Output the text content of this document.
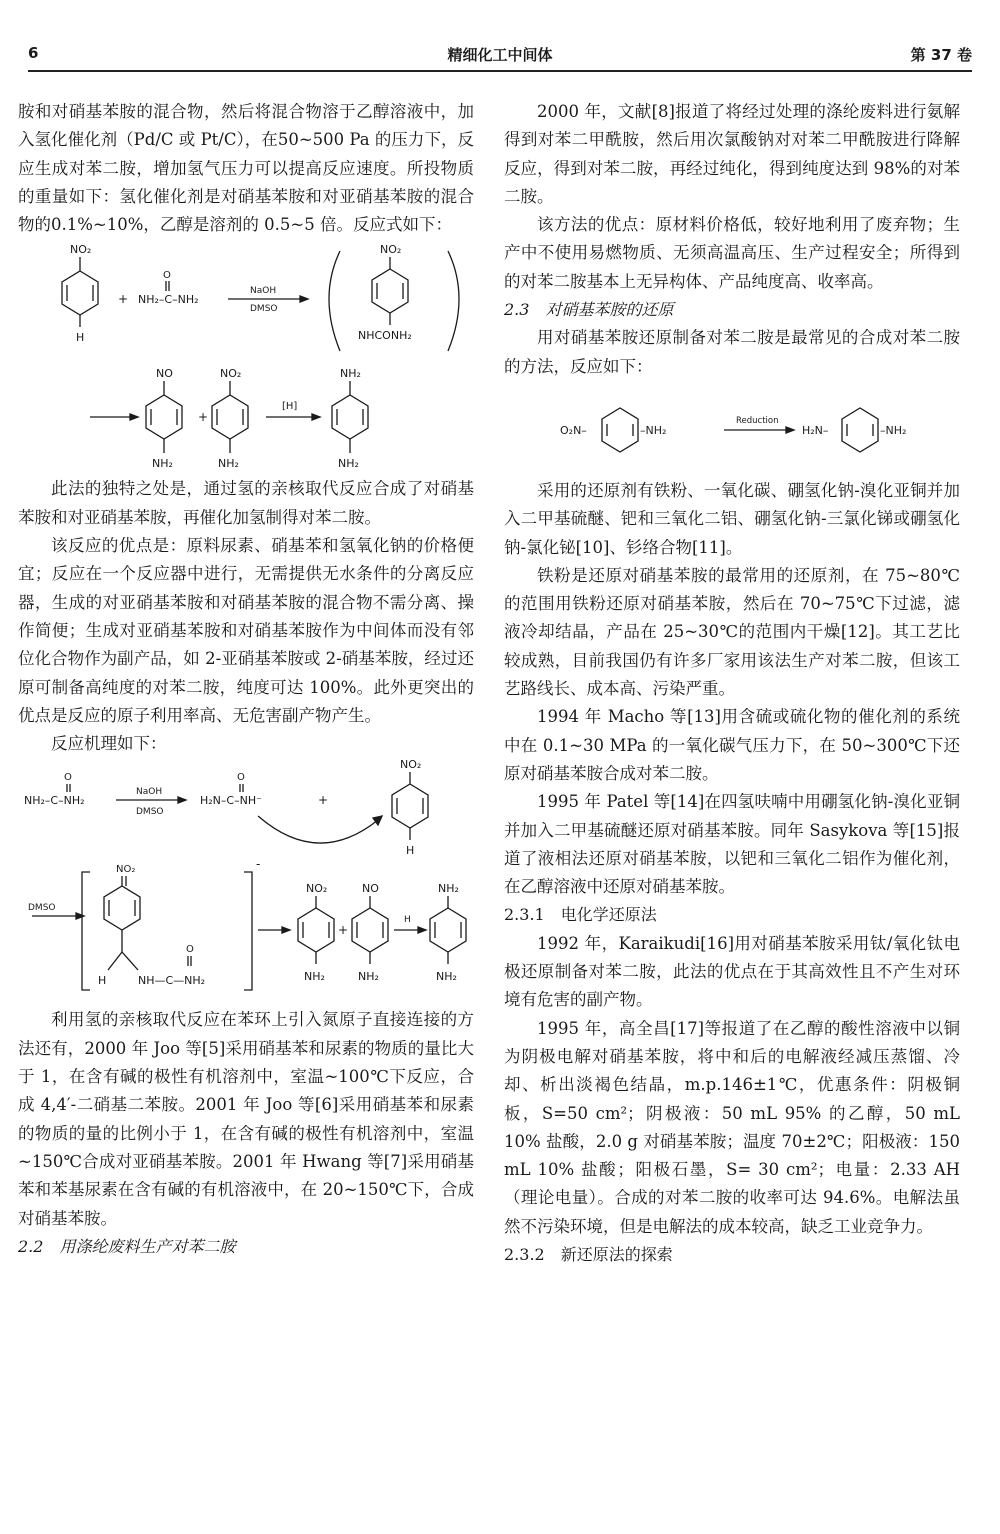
6	精细化工中间体	第 37 卷

胺和对硝基苯胺的混合物，然后将混合物溶于乙醇溶液中，加入氢化催化剂（Pd/C 或 Pt/C），在50~500 Pa 的压力下，反应生成对苯二胺，增加氢气压力可以提高反应速度。所投物质的重量如下：氢化催化剂是对硝基苯胺和对亚硝基苯胺的混合物的0.1%~10%，乙醇是溶剂的 0.5~5 倍。反应式如下：

NO₂
H
+
O
NH₂–C–NH₂
NaOH
DMSO
NO₂
NHCONH₂
NO	NO₂	NH₂
NH₂	NH₂	NH₂
+
[H]

此法的独特之处是，通过氢的亲核取代反应合成了对硝基苯胺和对亚硝基苯胺，再催化加氢制得对苯二胺。

该反应的优点是：原料尿素、硝基苯和氢氧化钠的价格便宜；反应在一个反应器中进行，无需提供无水条件的分离反应器，生成的对亚硝基苯胺和对硝基苯胺的混合物不需分离、操作简便；生成对亚硝基苯胺和对硝基苯胺作为中间体而没有邻位化合物作为副产品，如 2-亚硝基苯胺或 2-硝基苯胺，经过还原可制备高纯度的对苯二胺，纯度可达 100%。此外更突出的优点是反应的原子利用率高、无危害副产物产生。

反应机理如下：

O
NH₂–C–NH₂
NaOH
DMSO
O
H₂N–C–NH⁻	+
NO₂
H
DMSO
NO₂
H
O
NH—C—NH₂
-
NO₂	NO	NH₂
NH₂	NH₂	NH₂
+
H

利用氢的亲核取代反应在苯环上引入氮原子直接连接的方法还有，2000 年 Joo 等[5]采用硝基苯和尿素的物质的量比大于 1，在含有碱的极性有机溶剂中，室温~100℃下反应，合成 4,4′-二硝基二苯胺。2001 年 Joo 等[6]采用硝基苯和尿素的物质的量的比例小于 1，在含有碱的极性有机溶剂中，室温~150℃合成对亚硝基苯胺。2001 年 Hwang 等[7]采用硝基苯和苯基尿素在含有碱的有机溶液中，在 20~150℃下，合成对硝基苯胺。

2.2　用涤纶废料生产对苯二胺

2000 年，文献[8]报道了将经过处理的涤纶废料进行氨解得到对苯二甲酰胺，然后用次氯酸钠对对苯二甲酰胺进行降解反应，得到对苯二胺，再经过纯化，得到纯度达到 98%的对苯二胺。

该方法的优点：原材料价格低，较好地利用了废弃物；生产中不使用易燃物质、无须高温高压、生产过程安全；所得到的对苯二胺基本上无异构体、产品纯度高、收率高。

2.3　对硝基苯胺的还原

用对硝基苯胺还原制备对苯二胺是最常见的合成对苯二胺的方法，反应如下：

O₂N–	–NH₂
Reduction
H₂N–	–NH₂

采用的还原剂有铁粉、一氧化碳、硼氢化钠-溴化亚铜并加入二甲基硫醚、钯和三氧化二铝、硼氢化钠-三氯化锑或硼氢化钠-氯化铋[10]、钐络合物[11]。

铁粉是还原对硝基苯胺的最常用的还原剂，在 75~80℃的范围用铁粉还原对硝基苯胺，然后在 70~75℃下过滤，滤液冷却结晶，产品在 25~30℃的范围内干燥[12]。其工艺比较成熟，目前我国仍有许多厂家用该法生产对苯二胺，但该工艺路线长、成本高、污染严重。

1994 年 Macho 等[13]用含硫或硫化物的催化剂的系统中在 0.1~30 MPa 的一氧化碳气压力下，在 50~300℃下还原对硝基苯胺合成对苯二胺。

1995 年 Patel 等[14]在四氢呋喃中用硼氢化钠-溴化亚铜并加入二甲基硫醚还原对硝基苯胺。同年 Sasykova 等[15]报道了液相法还原对硝基苯胺，以钯和三氧化二铝作为催化剂，在乙醇溶液中还原对硝基苯胺。

2.3.1　电化学还原法

1992 年，Karaikudi[16]用对硝基苯胺采用钛/氧化钛电极还原制备对苯二胺，此法的优点在于其高效性且不产生对环境有危害的副产物。

1995 年，高全昌[17]等报道了在乙醇的酸性溶液中以铜为阴极电解对硝基苯胺，将中和后的电解液经减压蒸馏、冷却、析出淡褐色结晶，m.p.146±1℃，优惠条件：阴极铜板，S=50 cm²；阴极液：50 mL 95% 的乙醇，50 mL 10% 盐酸，2.0 g 对硝基苯胺；温度 70±2℃；阳极液：150 mL 10% 盐酸；阳极石墨，S= 30 cm²；电量：2.33 AH（理论电量）。合成的对苯二胺的收率可达 94.6%。电解法虽然不污染环境，但是电解法的成本较高，缺乏工业竞争力。

2.3.2　新还原法的探索
